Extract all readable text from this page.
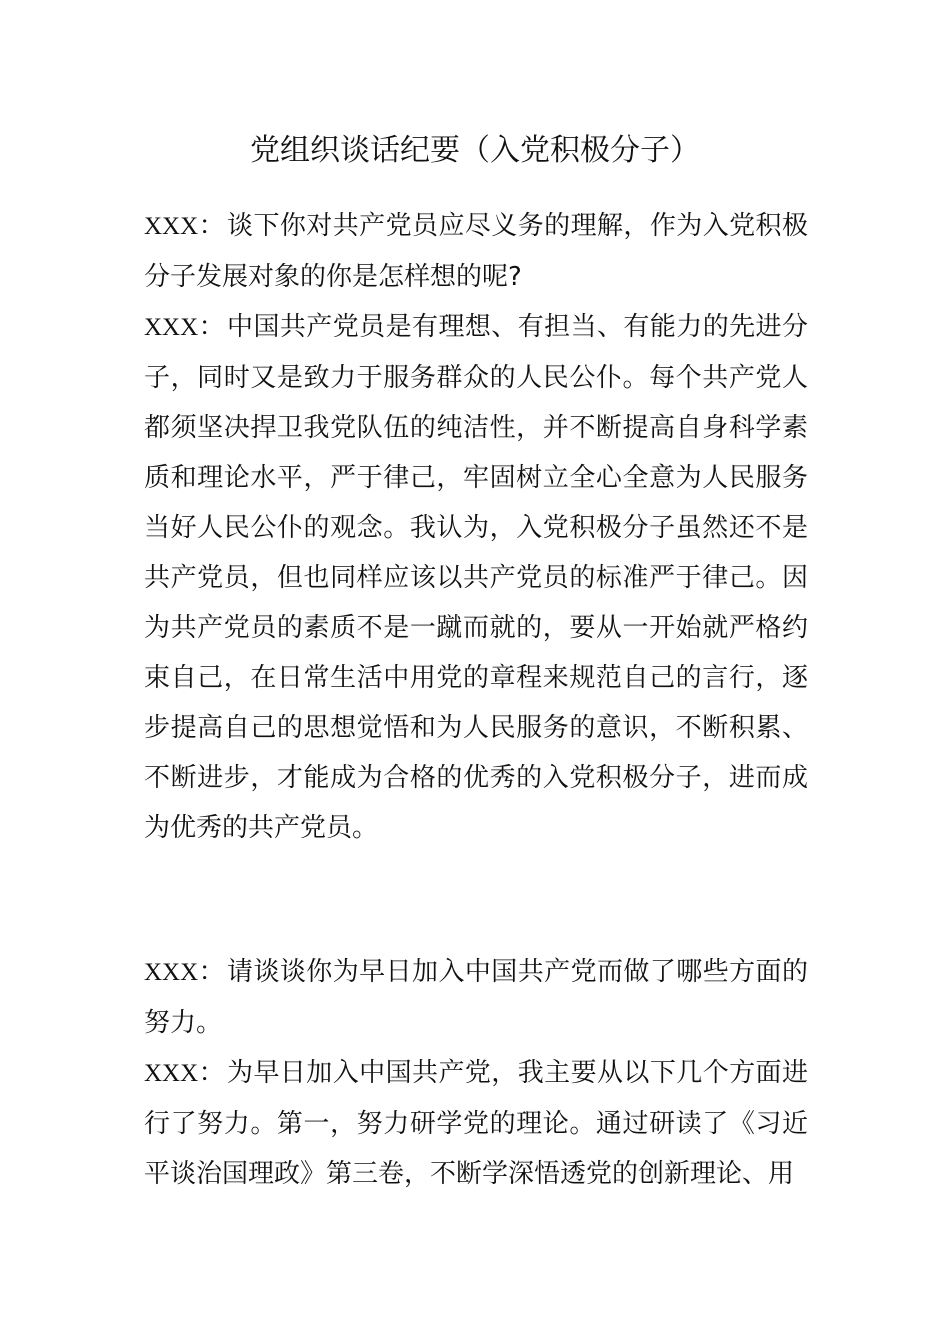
党组织谈话纪要（入党积极分子）

XXX：谈下你对共产党员应尽义务的理解，作为入党积极分子发展对象的你是怎样想的呢?

XXX：中国共产党员是有理想、有担当、有能力的先进分子，同时又是致力于服务群众的人民公仆。每个共产党人都须坚决捍卫我党队伍的纯洁性，并不断提高自身科学素质和理论水平，严于律己，牢固树立全心全意为人民服务当好人民公仆的观念。我认为，入党积极分子虽然还不是共产党员，但也同样应该以共产党员的标准严于律己。因为共产党员的素质不是一蹴而就的，要从一开始就严格约束自己，在日常生活中用党的章程来规范自己的言行，逐步提高自己的思想觉悟和为人民服务的意识，不断积累、不断进步，才能成为合格的优秀的入党积极分子，进而成为优秀的共产党员。

XXX：请谈谈你为早日加入中国共产党而做了哪些方面的努力。

XXX：为早日加入中国共产党，我主要从以下几个方面进行了努力。第一，努力研学党的理论。通过研读了《习近平谈治国理政》第三卷，不断学深悟透党的创新理论、用
